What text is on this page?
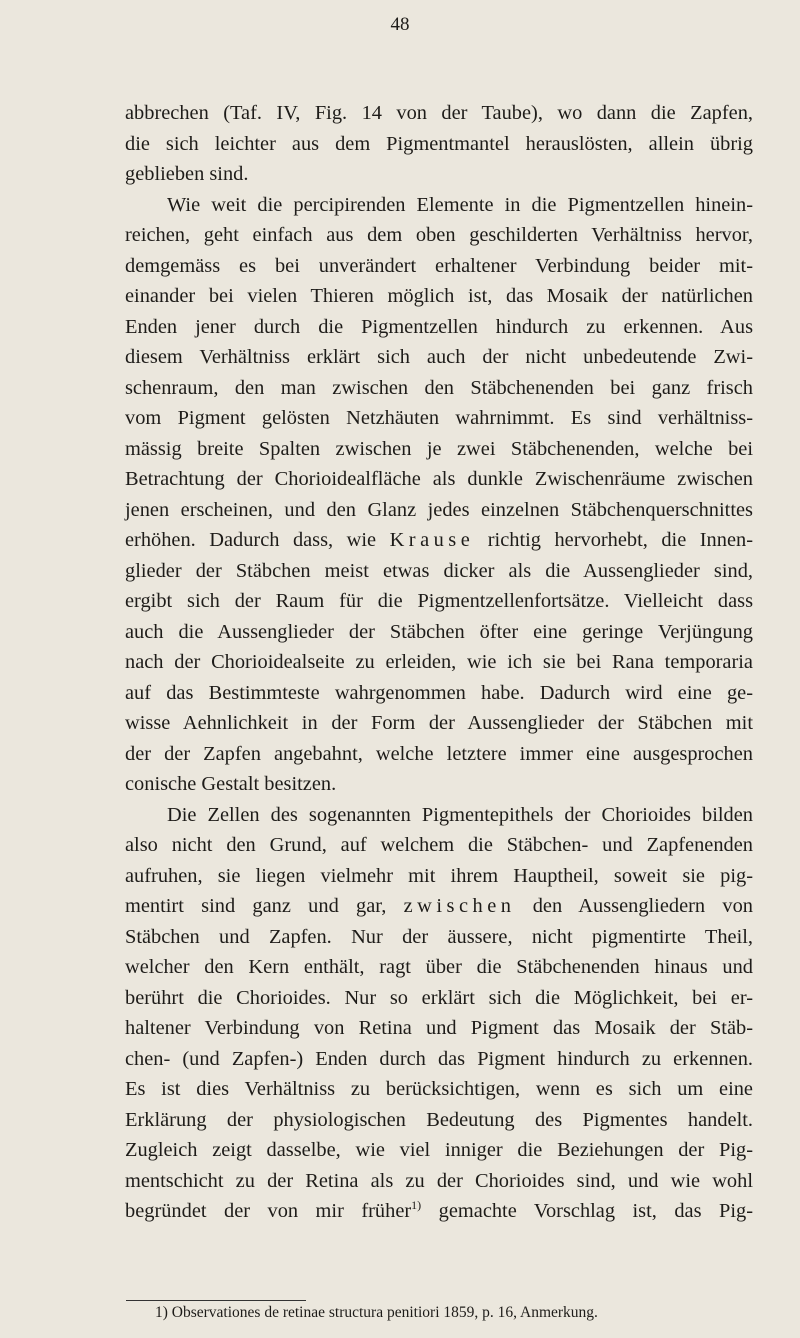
48
abbrechen (Taf. IV, Fig. 14 von der Taube), wo dann die Zapfen,
die sich leichter aus dem Pigmentmantel herauslösten, allein übrig
geblieben sind.
Wie weit die percipirenden Elemente in die Pigmentzellen hinein-
reichen, geht einfach aus dem oben geschilderten Verhältniss hervor,
demgemäss es bei unverändert erhaltener Verbindung beider mit-
einander bei vielen Thieren möglich ist, das Mosaik der natürlichen
Enden jener durch die Pigmentzellen hindurch zu erkennen. Aus
diesem Verhältniss erklärt sich auch der nicht unbedeutende Zwi-
schenraum, den man zwischen den Stäbchenenden bei ganz frisch
vom Pigment gelösten Netzhäuten wahrnimmt. Es sind verhältniss-
mässig breite Spalten zwischen je zwei Stäbchenenden, welche bei
Betrachtung der Chorioidealfläche als dunkle Zwischenräume zwischen
jenen erscheinen, und den Glanz jedes einzelnen Stäbchenquerschnittes
erhöhen. Dadurch dass, wie Krause richtig hervorhebt, die Innen-
glieder der Stäbchen meist etwas dicker als die Aussenglieder sind,
ergibt sich der Raum für die Pigmentzellenfortsätze. Vielleicht dass
auch die Aussenglieder der Stäbchen öfter eine geringe Verjüngung
nach der Chorioidealseite zu erleiden, wie ich sie bei Rana temporaria
auf das Bestimmteste wahrgenommen habe. Dadurch wird eine ge-
wisse Aehnlichkeit in der Form der Aussenglieder der Stäbchen mit
der der Zapfen angebahnt, welche letztere immer eine ausgesprochen
conische Gestalt besitzen.
Die Zellen des sogenannten Pigmentepithels der Chorioides bilden
also nicht den Grund, auf welchem die Stäbchen- und Zapfenenden
aufruhen, sie liegen vielmehr mit ihrem Hauptheil, soweit sie pig-
mentirt sind ganz und gar, zwischen den Aussengliedern von
Stäbchen und Zapfen. Nur der äussere, nicht pigmentirte Theil,
welcher den Kern enthält, ragt über die Stäbchenenden hinaus und
berührt die Chorioides. Nur so erklärt sich die Möglichkeit, bei er-
haltener Verbindung von Retina und Pigment das Mosaik der Stäb-
chen- (und Zapfen-) Enden durch das Pigment hindurch zu erkennen.
Es ist dies Verhältniss zu berücksichtigen, wenn es sich um eine
Erklärung der physiologischen Bedeutung des Pigmentes handelt.
Zugleich zeigt dasselbe, wie viel inniger die Beziehungen der Pig-
mentschicht zu der Retina als zu der Chorioides sind, und wie wohl
begründet der von mir früher$^{1)}$ gemachte Vorschlag ist, das Pig-
1) Observationes de retinae structura penitiori 1859, p. 16, Anmerkung.
